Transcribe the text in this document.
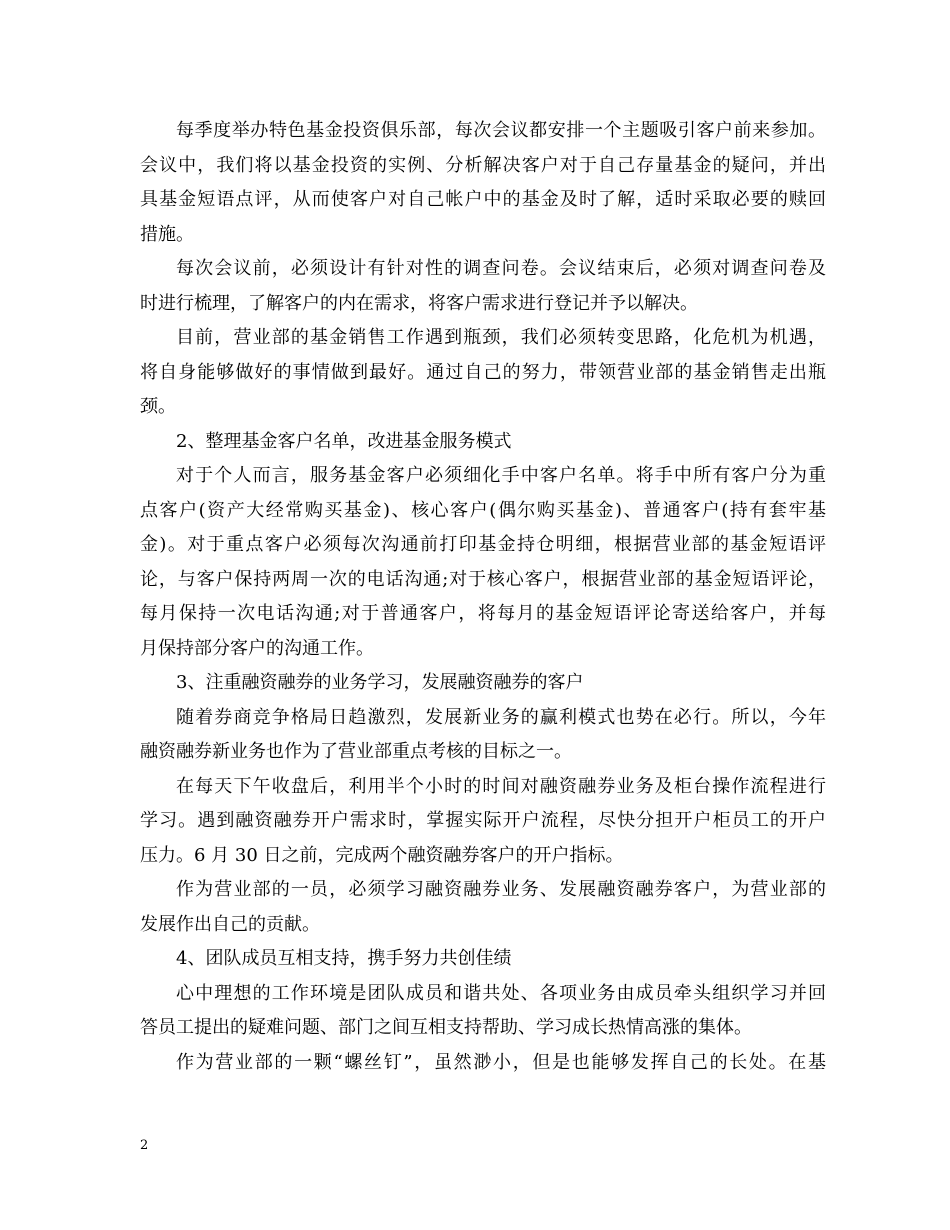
每季度举办特色基金投资俱乐部，每次会议都安排一个主题吸引客户前来参加。
会议中，我们将以基金投资的实例、分析解决客户对于自己存量基金的疑问，并出
具基金短语点评，从而使客户对自己帐户中的基金及时了解，适时采取必要的赎回
措施。
每次会议前，必须设计有针对性的调查问卷。会议结束后，必须对调查问卷及
时进行梳理，了解客户的内在需求，将客户需求进行登记并予以解决。
目前，营业部的基金销售工作遇到瓶颈，我们必须转变思路，化危机为机遇，
将自身能够做好的事情做到最好。通过自己的努力，带领营业部的基金销售走出瓶
颈。
2、整理基金客户名单，改进基金服务模式
对于个人而言，服务基金客户必须细化手中客户名单。将手中所有客户分为重
点客户(资产大经常购买基金)、核心客户(偶尔购买基金)、普通客户(持有套牢基
金)。对于重点客户必须每次沟通前打印基金持仓明细，根据营业部的基金短语评
论，与客户保持两周一次的电话沟通;对于核心客户，根据营业部的基金短语评论，
每月保持一次电话沟通;对于普通客户，将每月的基金短语评论寄送给客户，并每
月保持部分客户的沟通工作。
3、注重融资融券的业务学习，发展融资融券的客户
随着券商竞争格局日趋激烈，发展新业务的赢利模式也势在必行。所以，今年
融资融券新业务也作为了营业部重点考核的目标之一。
在每天下午收盘后，利用半个小时的时间对融资融券业务及柜台操作流程进行
学习。遇到融资融券开户需求时，掌握实际开户流程，尽快分担开户柜员工的开户
压力。6 月 30 日之前，完成两个融资融券客户的开户指标。
作为营业部的一员，必须学习融资融券业务、发展融资融券客户，为营业部的
发展作出自己的贡献。
4、团队成员互相支持，携手努力共创佳绩
心中理想的工作环境是团队成员和谐共处、各项业务由成员牵头组织学习并回
答员工提出的疑难问题、部门之间互相支持帮助、学习成长热情高涨的集体。
作为营业部的一颗“螺丝钉”，虽然渺小，但是也能够发挥自己的长处。在基
2
